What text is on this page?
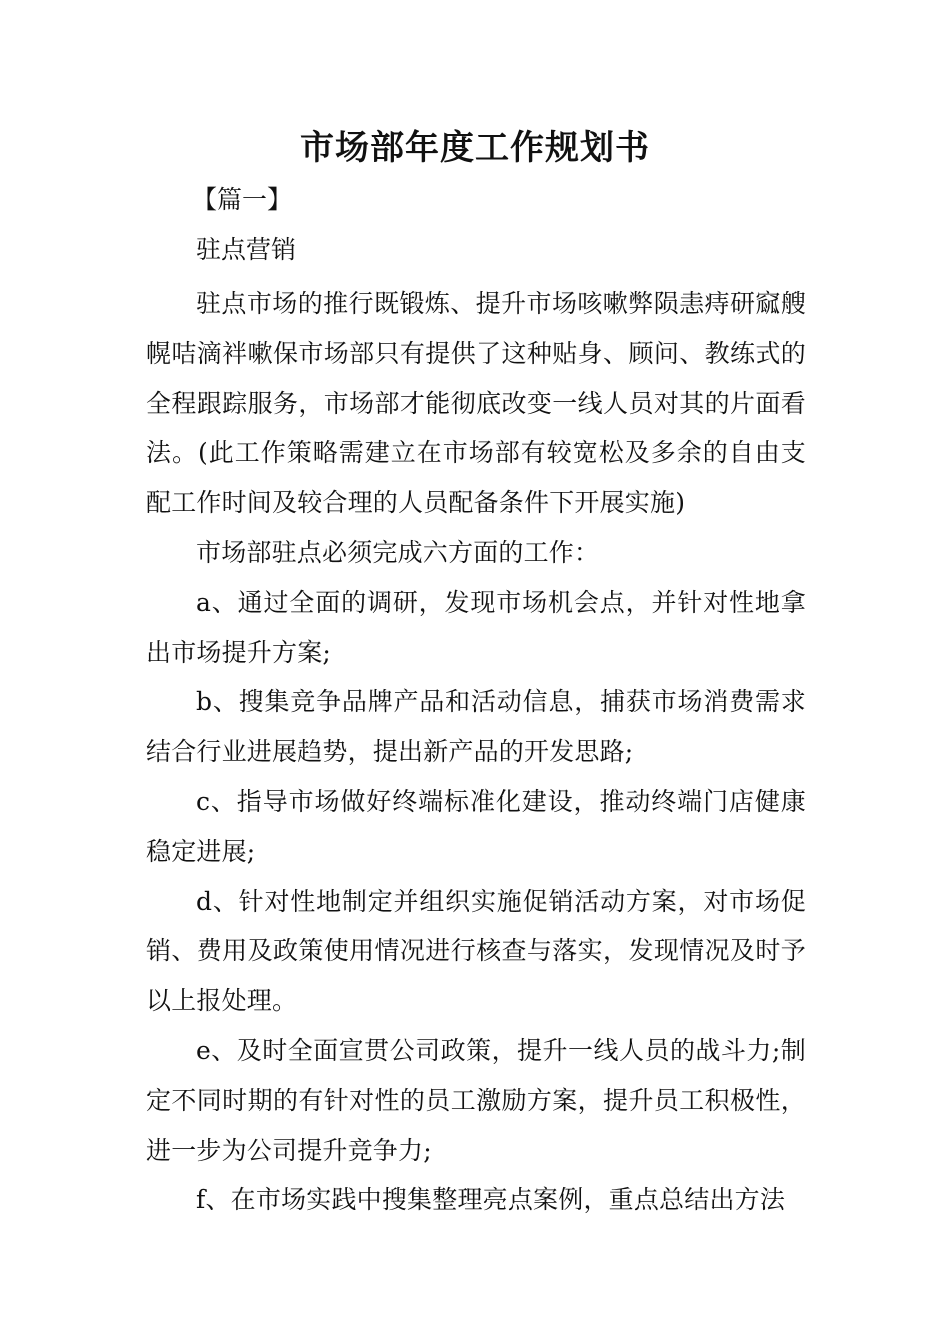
市场部年度工作规划书
【篇一】
驻点营销

驻点市场的推行既锻炼、提升市场咳嗽弊陨恚痔研窳艘幌咭滴袢嗽保市场部只有提供了这种贴身、顾问、教练式的全程跟踪服务，市场部才能彻底改变一线人员对其的片面看法。(此工作策略需建立在市场部有较宽松及多余的自由支配工作时间及较合理的人员配备条件下开展实施)

市场部驻点必须完成六方面的工作：

a、通过全面的调研，发现市场机会点，并针对性地拿出市场提升方案;

b、搜集竞争品牌产品和活动信息，捕获市场消费需求结合行业进展趋势，提出新产品的开发思路;

c、指导市场做好终端标准化建设，推动终端门店健康稳定进展;

d、针对性地制定并组织实施促销活动方案，对市场促销、费用及政策使用情况进行核查与落实，发现情况及时予以上报处理。

e、及时全面宣贯公司政策，提升一线人员的战斗力;制定不同时期的有针对性的员工激励方案，提升员工积极性，进一步为公司提升竞争力;

f、在市场实践中搜集整理亮点案例，重点总结出方法
